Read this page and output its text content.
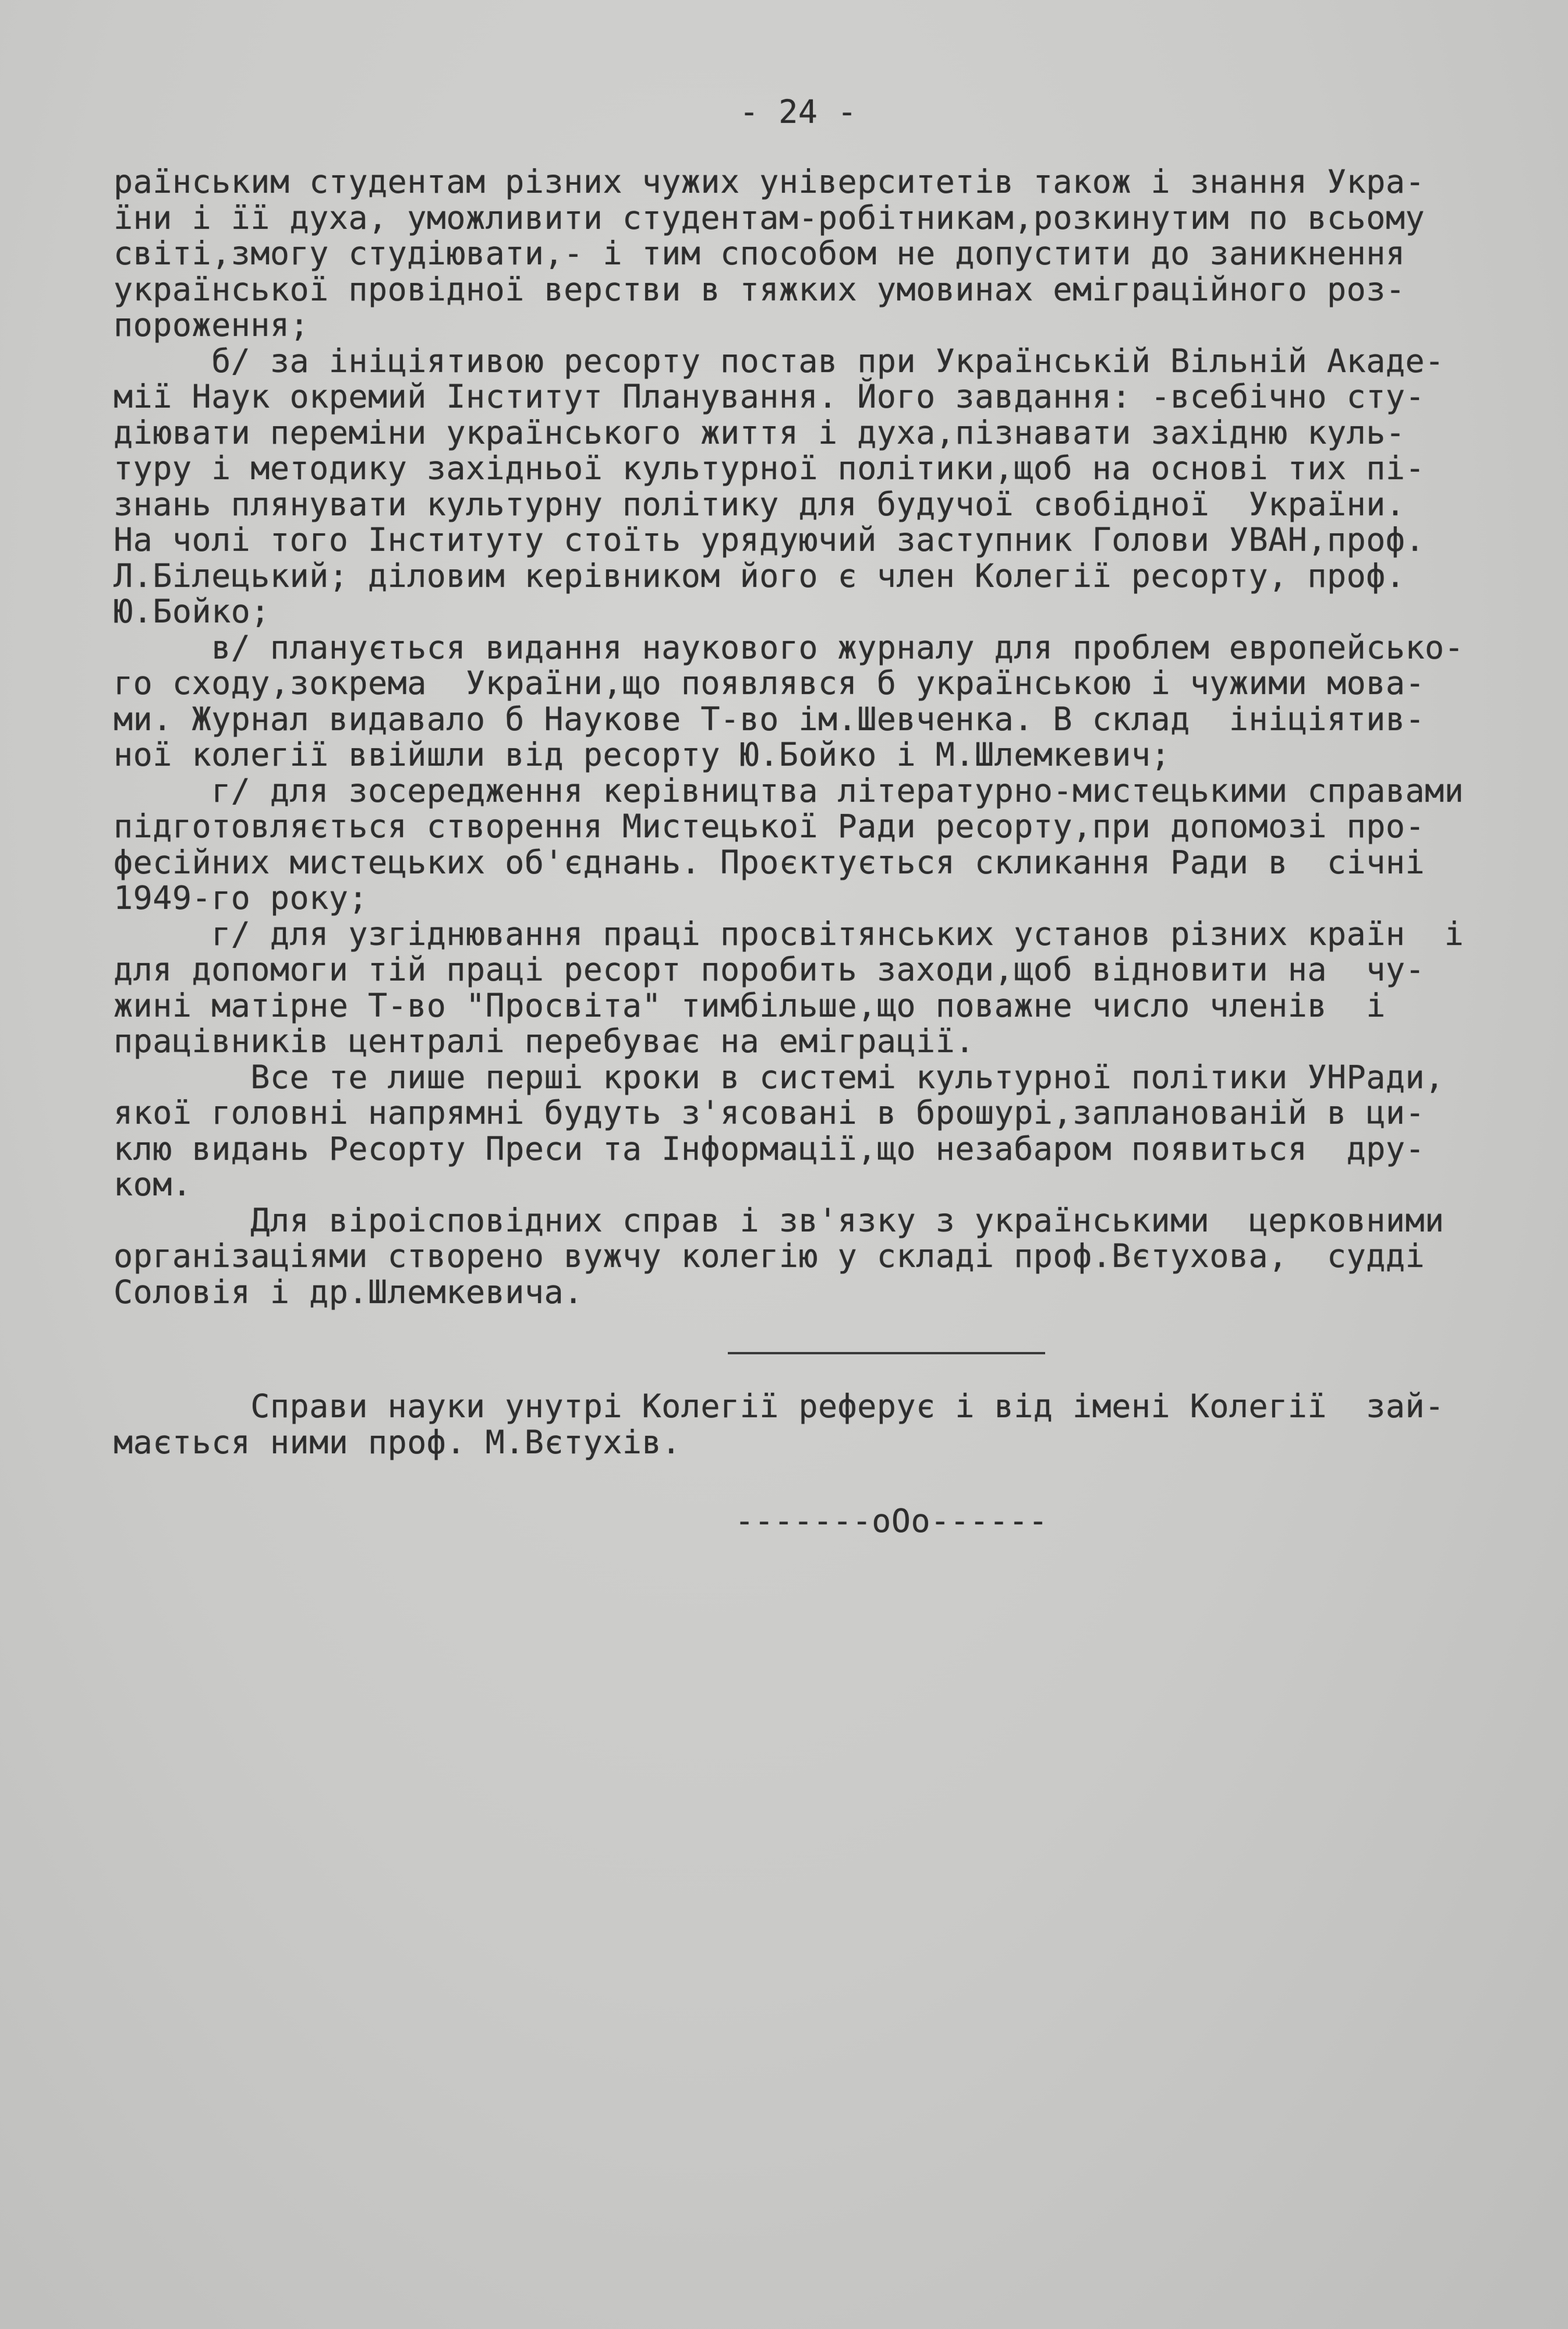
- 24 -
раїнським студентам різних чужих університетів також і знання Укра-
їни і її духа, уможливити студентам-робітникам,розкинутим по всьому
світі,змогу студіювати,- і тим способом не допустити до заникнення
української провідної верстви в тяжких умовинах еміграційного роз-
пороження;
б/ за ініціятивою ресорту постав при Українській Вільній Акаде-
мії Наук окремий Інститут Планування. Його завдання: -всебічно сту-
діювати переміни українського життя і духа,пізнавати західню куль-
туру і методику західньої культурної політики,щоб на основі тих пі-
знань плянувати культурну політику для будучої свобідної  України.
На чолі того Інституту стоїть урядуючий заступник Голови УВАН,проф.
Л.Білецький; діловим керівником його є член Колегії ресорту, проф.
Ю.Бойко;
в/ планується видання наукового журналу для проблем европейсько-
го сходу,зокрема  України,що появлявся б українською і чужими мова-
ми. Журнал видавало б Наукове Т-во ім.Шевченка. В склад  ініціятив-
ної колегії ввійшли від ресорту Ю.Бойко і М.Шлемкевич;
г/ для зосередження керівництва літературно-мистецькими справами
підготовляється створення Мистецької Ради ресорту,при допомозі про-
фесійних мистецьких об'єднань. Проєктується скликання Ради в  січні
1949-го року;
г/ для узгіднювання праці просвітянських установ різних країн  і
для допомоги тій праці ресорт поробить заходи,щоб відновити на  чу-
жині матірне Т-во "Просвіта" тимбільше,що поважне число членів  і
працівників централі перебуває на еміграції.
Все те лише перші кроки в системі культурної політики УНРади,
якої головні напрямні будуть з'ясовані в брошурі,запланованій в ци-
клю видань Ресорту Преси та Інформації,що незабаром появиться  дру-
ком.
Для віроісповідних справ і зв'язку з українськими  церковними
організаціями створено вужчу колегію у складі проф.Вєтухова,  судді
Соловія і др.Шлемкевича.
Справи науки унутрі Колегії реферує і від імені Колегії  зай-
мається ними проф. М.Вєтухів.
-------oOo------
